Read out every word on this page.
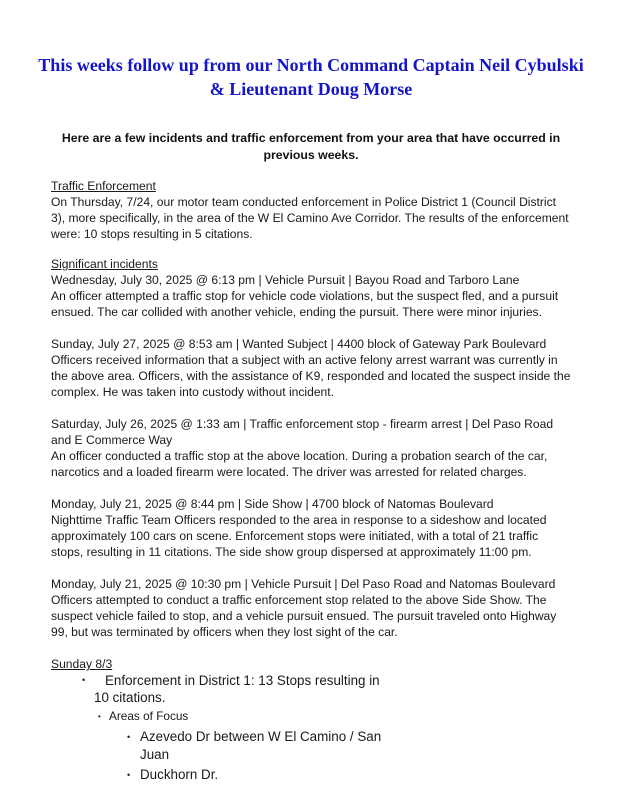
This weeks follow up from our North Command Captain Neil Cybulski & Lieutenant Doug Morse

Here are a few incidents and traffic enforcement from your area that have occurred in previous weeks.

Traffic Enforcement

On Thursday, 7/24, our motor team conducted enforcement in Police District 1 (Council District 3), more specifically, in the area of the W El Camino Ave Corridor. The results of the enforcement were: 10 stops resulting in 5 citations.

Significant incidents

Wednesday, July 30, 2025 @ 6:13 pm | Vehicle Pursuit | Bayou Road and Tarboro Lane

An officer attempted a traffic stop for vehicle code violations, but the suspect fled, and a pursuit ensued. The car collided with another vehicle, ending the pursuit. There were minor injuries.

Sunday, July 27, 2025 @ 8:53 am | Wanted Subject | 4400 block of Gateway Park Boulevard

Officers received information that a subject with an active felony arrest warrant was currently in the above area. Officers, with the assistance of K9, responded and located the suspect inside the complex. He was taken into custody without incident.

Saturday, July 26, 2025 @ 1:33 am | Traffic enforcement stop - firearm arrest | Del Paso Road and E Commerce Way

An officer conducted a traffic stop at the above location. During a probation search of the car, narcotics and a loaded firearm were located. The driver was arrested for related charges.

Monday, July 21, 2025 @ 8:44 pm | Side Show | 4700 block of Natomas Boulevard

Nighttime Traffic Team Officers responded to the area in response to a sideshow and located approximately 100 cars on scene. Enforcement stops were initiated, with a total of 21 traffic stops, resulting in 11 citations. The side show group dispersed at approximately 11:00 pm.

Monday, July 21, 2025 @ 10:30 pm | Vehicle Pursuit | Del Paso Road and Natomas Boulevard

Officers attempted to conduct a traffic enforcement stop related to the above Side Show. The suspect vehicle failed to stop, and a vehicle pursuit ensued. The pursuit traveled onto Highway 99, but was terminated by officers when they lost sight of the car.

Sunday 8/3
• Enforcement in District 1: 13 Stops resulting in 10 citations.
• Areas of Focus
• Azevedo Dr between W El Camino / San Juan
• Duckhorn Dr.
